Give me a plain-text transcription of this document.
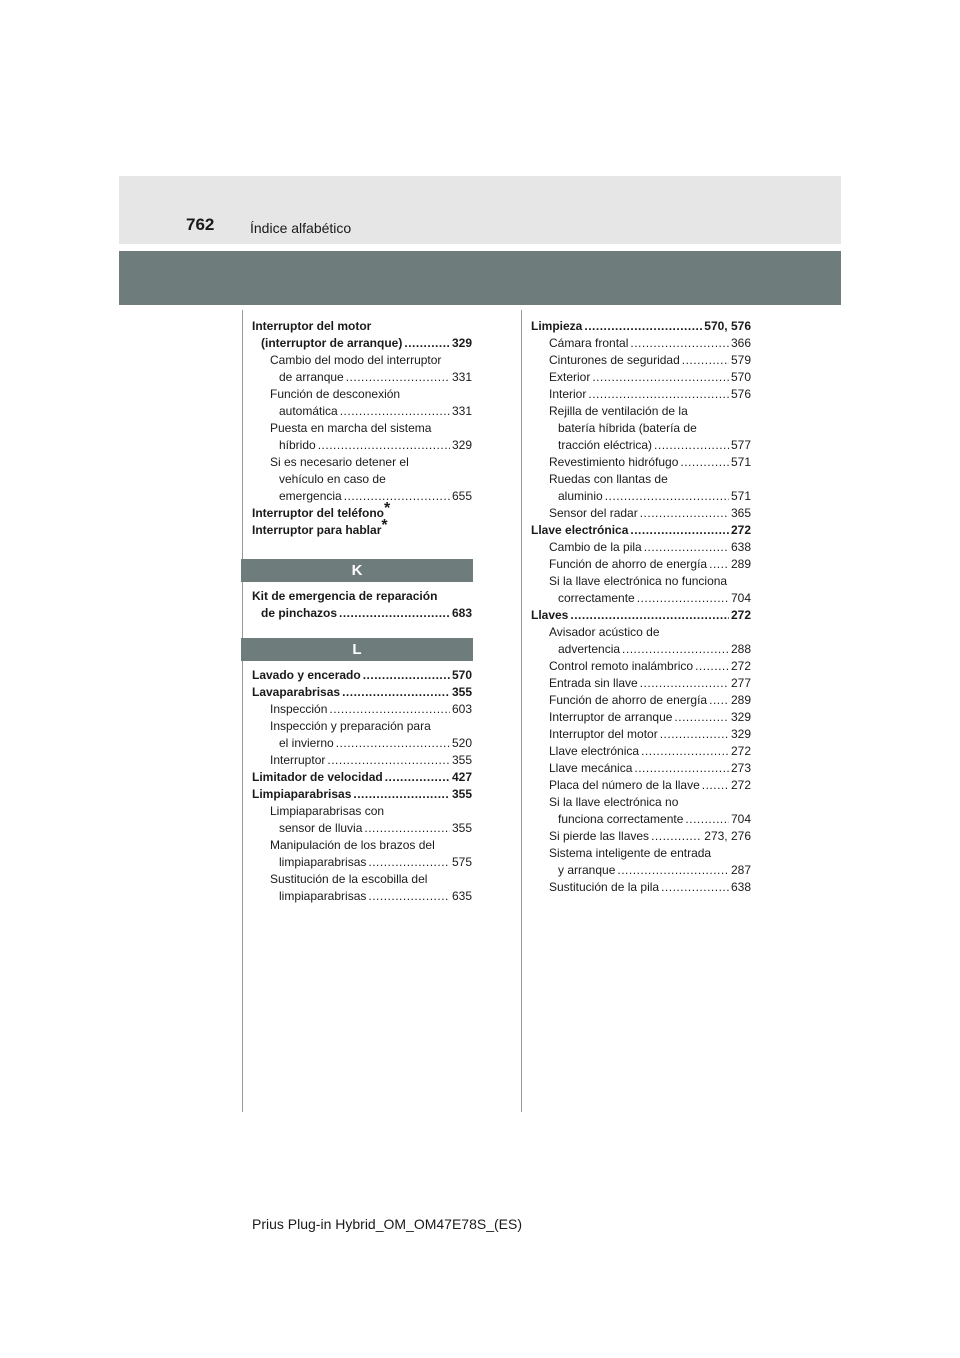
762	Índice alfabético
Interruptor del motor
(interruptor de arranque) .....	329
Cambio del modo del interruptor
de arranque .....	331
Función de desconexión
automática .....	331
Puesta en marcha del sistema
híbrido .....	329
Si es necesario detener el
vehículo en caso de
emergencia .....	655
Interruptor del teléfono*
Interruptor para hablar*
K
Kit de emergencia de reparación
de pinchazos .....	683
L
Lavado y encerado .....	570
Lavaparabrisas .....	355
Inspección .....	603
Inspección y preparación para
el invierno .....	520
Interruptor .....	355
Limitador de velocidad .....	427
Limpiaparabrisas .....	355
Limpiaparabrisas con
sensor de lluvia .....	355
Manipulación de los brazos del
limpiaparabrisas .....	575
Sustitución de la escobilla del
limpiaparabrisas .....	635
Limpieza .....	570, 576
Cámara frontal .....	366
Cinturones de seguridad .....	579
Exterior .....	570
Interior .....	576
Rejilla de ventilación de la
batería híbrida (batería de
tracción eléctrica) .....	577
Revestimiento hidrófugo .....	571
Ruedas con llantas de
aluminio .....	571
Sensor del radar .....	365
Llave electrónica .....	272
Cambio de la pila .....	638
Función de ahorro de energía ..... 289
Si la llave electrónica no funciona
correctamente .....	704
Llaves .....	272
Avisador acústico de
advertencia .....	288
Control remoto inalámbrico .....	272
Entrada sin llave .....	277
Función de ahorro de energía ..... 289
Interruptor de arranque .....	329
Interruptor del motor .....	329
Llave electrónica .....	272
Llave mecánica .....	273
Placa del número de la llave .....	272
Si la llave electrónica no
funciona correctamente .....	704
Si pierde las llaves .....	273, 276
Sistema inteligente de entrada
y arranque .....	287
Sustitución de la pila .....	638
Prius Plug-in Hybrid_OM_OM47E78S_(ES)
